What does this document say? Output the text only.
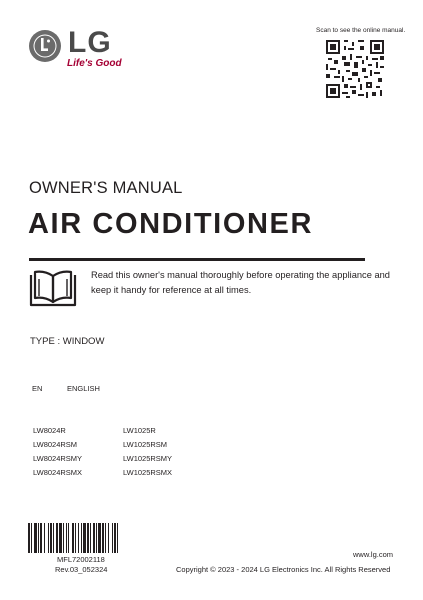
LG
Life's Good
Scan to see the online manual.
OWNER'S MANUAL
AIR CONDITIONER
Read this owner's manual thoroughly before operating the appliance and keep it handy for reference at all times.
TYPE : WINDOW
EN	ENGLISH
LW8024R
LW8024RSM
LW8024RSMY
LW8024RSMX
LW1025R
LW1025RSM
LW1025RSMY
LW1025RSMX
MFL72002118
Rev.03_052324
www.lg.com
Copyright © 2023 - 2024 LG Electronics Inc. All Rights Reserved
